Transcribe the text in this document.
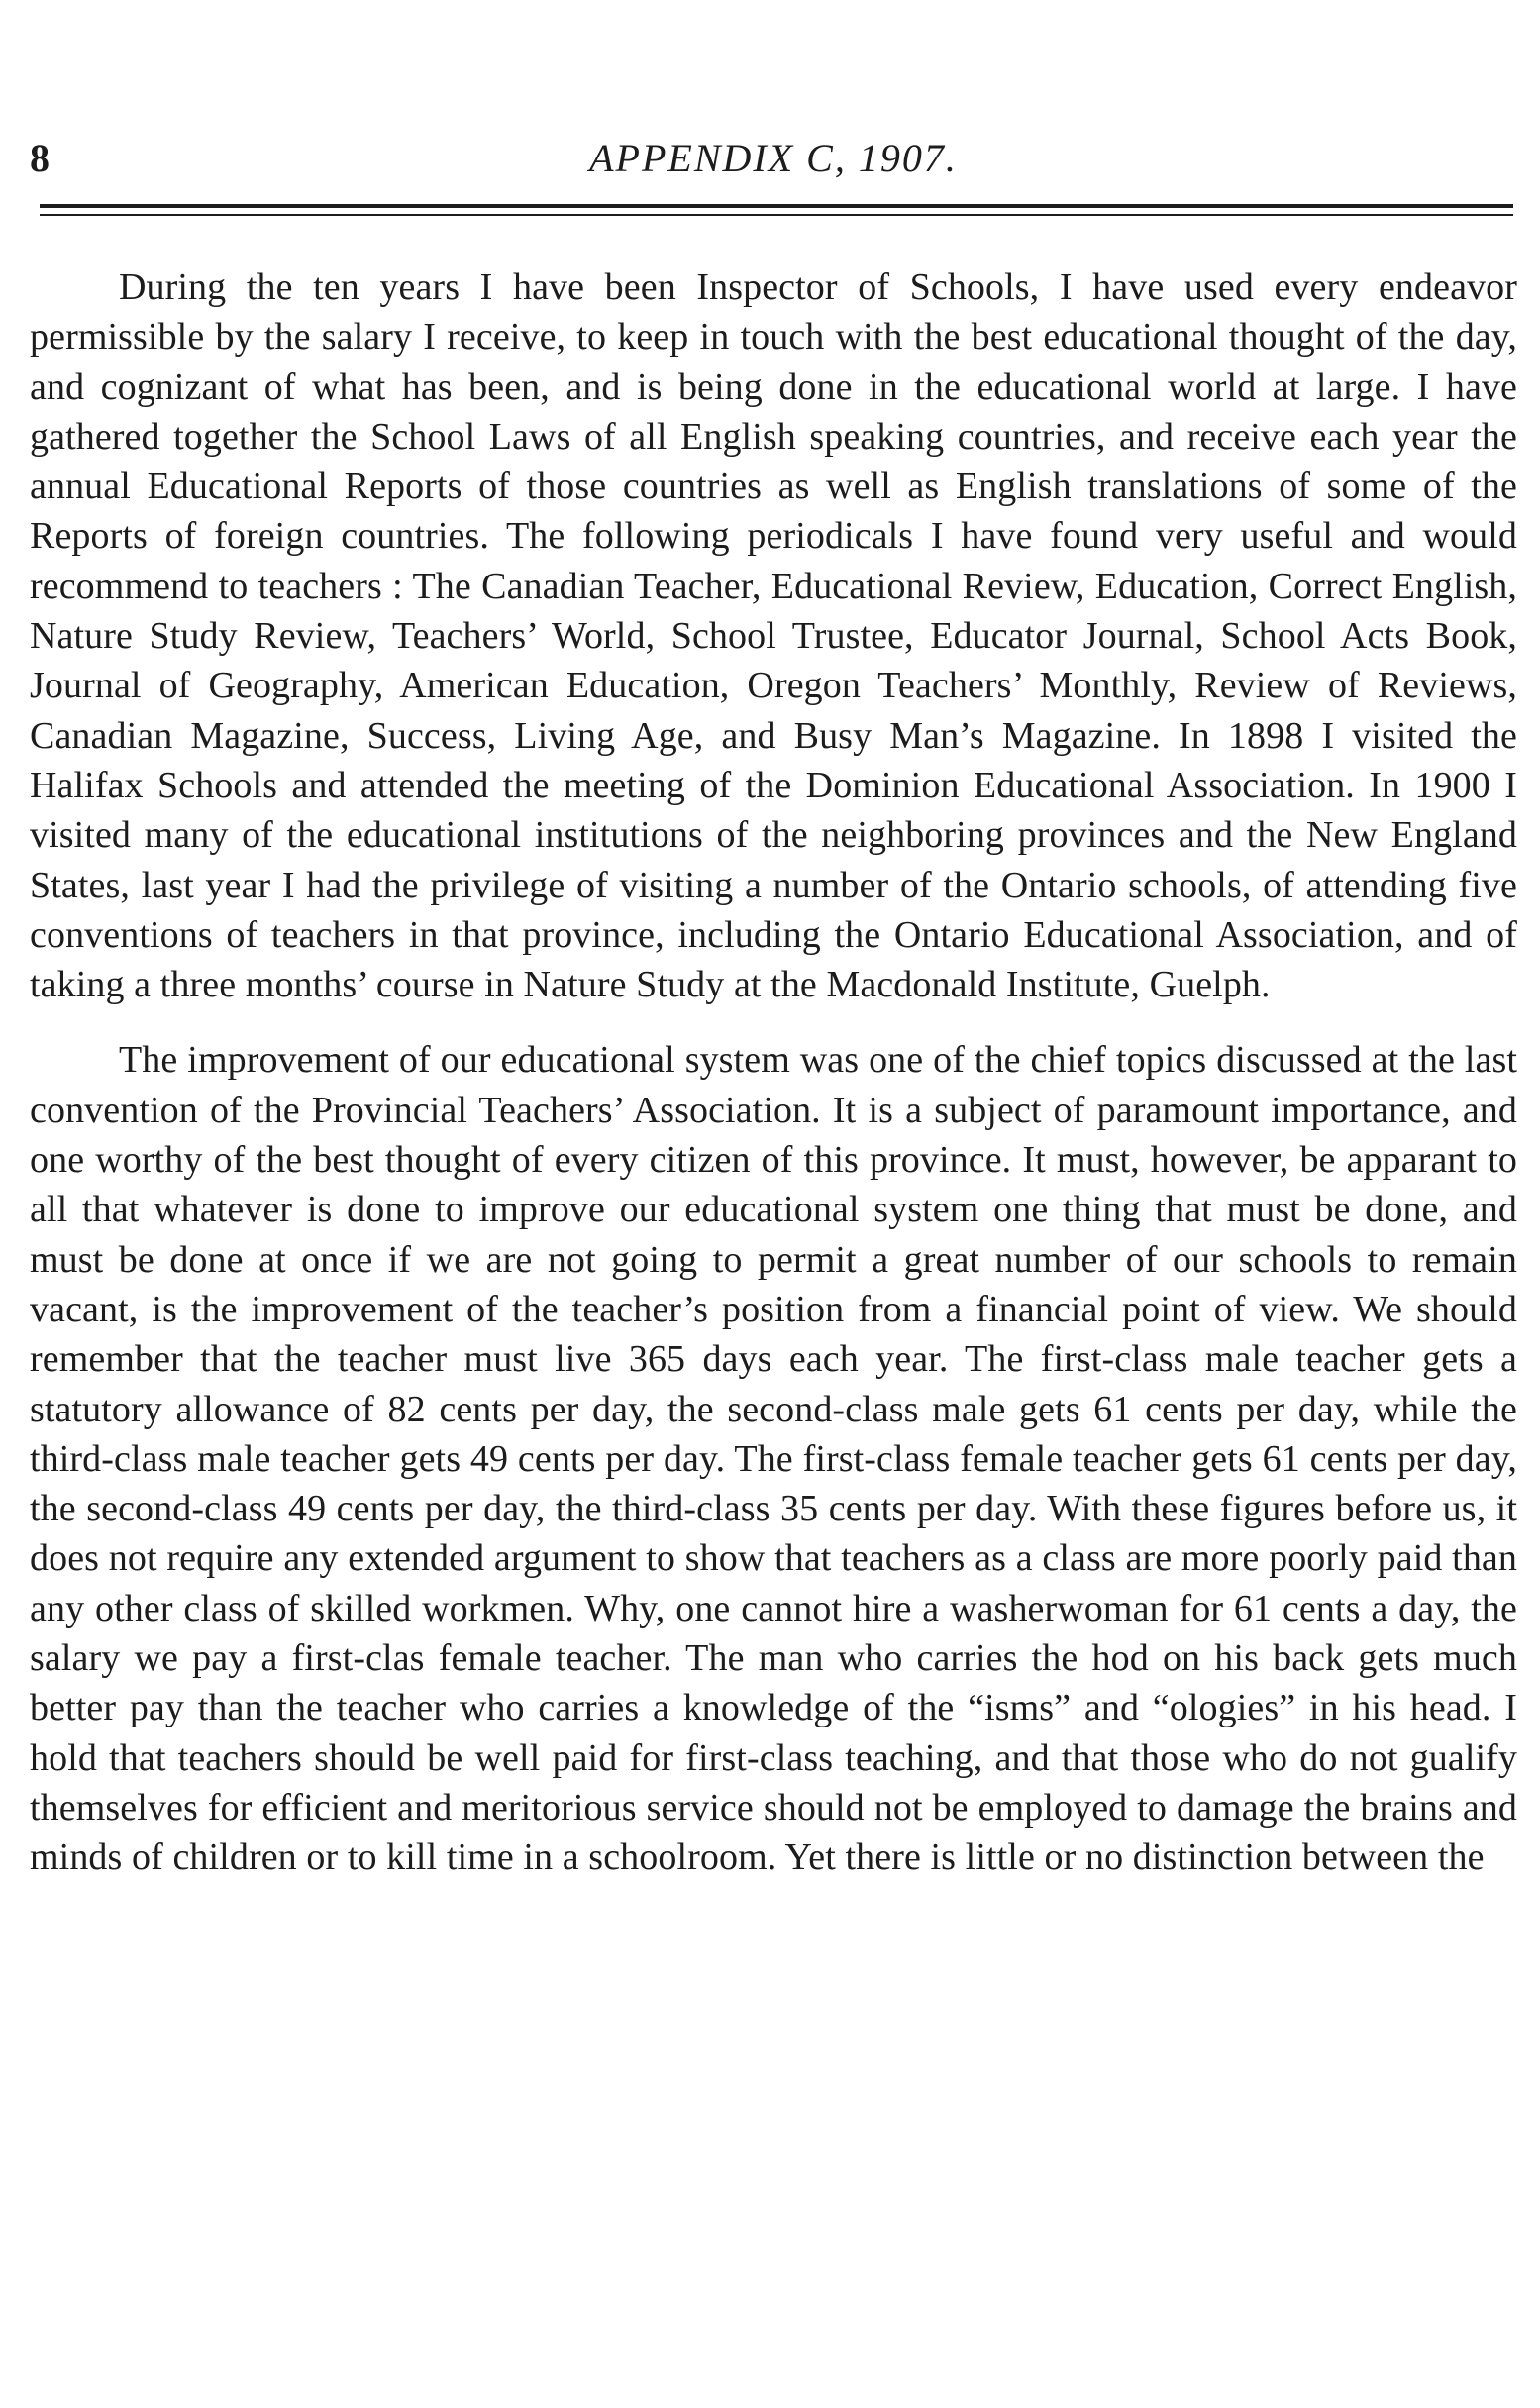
8	APPENDIX C, 1907.

During the ten years I have been Inspector of Schools, I have used every endeavor permissible by the salary I receive, to keep in touch with the best educational thought of the day, and cognizant of what has been, and is being done in the educational world at large. I have gathered together the School Laws of all English speaking countries, and receive each year the annual Educational Reports of those countries as well as English translations of some of the Reports of foreign countries. The following periodicals I have found very useful and would recommend to teachers : The Canadian Teacher, Educational Review, Education, Correct English, Nature Study Review, Teachers’ World, School Trustee, Educator Journal, School Acts Book, Journal of Geography, American Education, Oregon Teachers’ Monthly, Review of Reviews, Canadian Magazine, Success, Living Age, and Busy Man’s Magazine. In 1898 I visited the Halifax Schools and attended the meeting of the Dominion Educational Association. In 1900 I visited many of the educational institutions of the neighboring provinces and the New England States, last year I had the privilege of visiting a number of the Ontario schools, of attending five conventions of teachers in that province, including the Ontario Educational Association, and of taking a three months’ course in Nature Study at the Macdonald Institute, Guelph.

The improvement of our educational system was one of the chief topics discussed at the last convention of the Provincial Teachers’ Association. It is a subject of paramount importance, and one worthy of the best thought of every citizen of this province. It must, however, be apparant to all that whatever is done to improve our educational system one thing that must be done, and must be done at once if we are not going to permit a great number of our schools to remain vacant, is the improvement of the teacher’s position from a financial point of view. We should remember that the teacher must live 365 days each year. The first-class male teacher gets a statutory allowance of 82 cents per day, the second-class male gets 61 cents per day, while the third-class male teacher gets 49 cents per day. The first-class female teacher gets 61 cents per day, the second-class 49 cents per day, the third-class 35 cents per day. With these figures before us, it does not require any extended argument to show that teachers as a class are more poorly paid than any other class of skilled workmen. Why, one cannot hire a washerwoman for 61 cents a day, the salary we pay a first-clas female teacher. The man who carries the hod on his back gets much better pay than the teacher who carries a knowledge of the “isms” and “ologies” in his head. I hold that teachers should be well paid for first-class teaching, and that those who do not gualify themselves for efficient and meritorious service should not be employed to damage the brains and minds of children or to kill time in a schoolroom. Yet there is little or no distinction between the
